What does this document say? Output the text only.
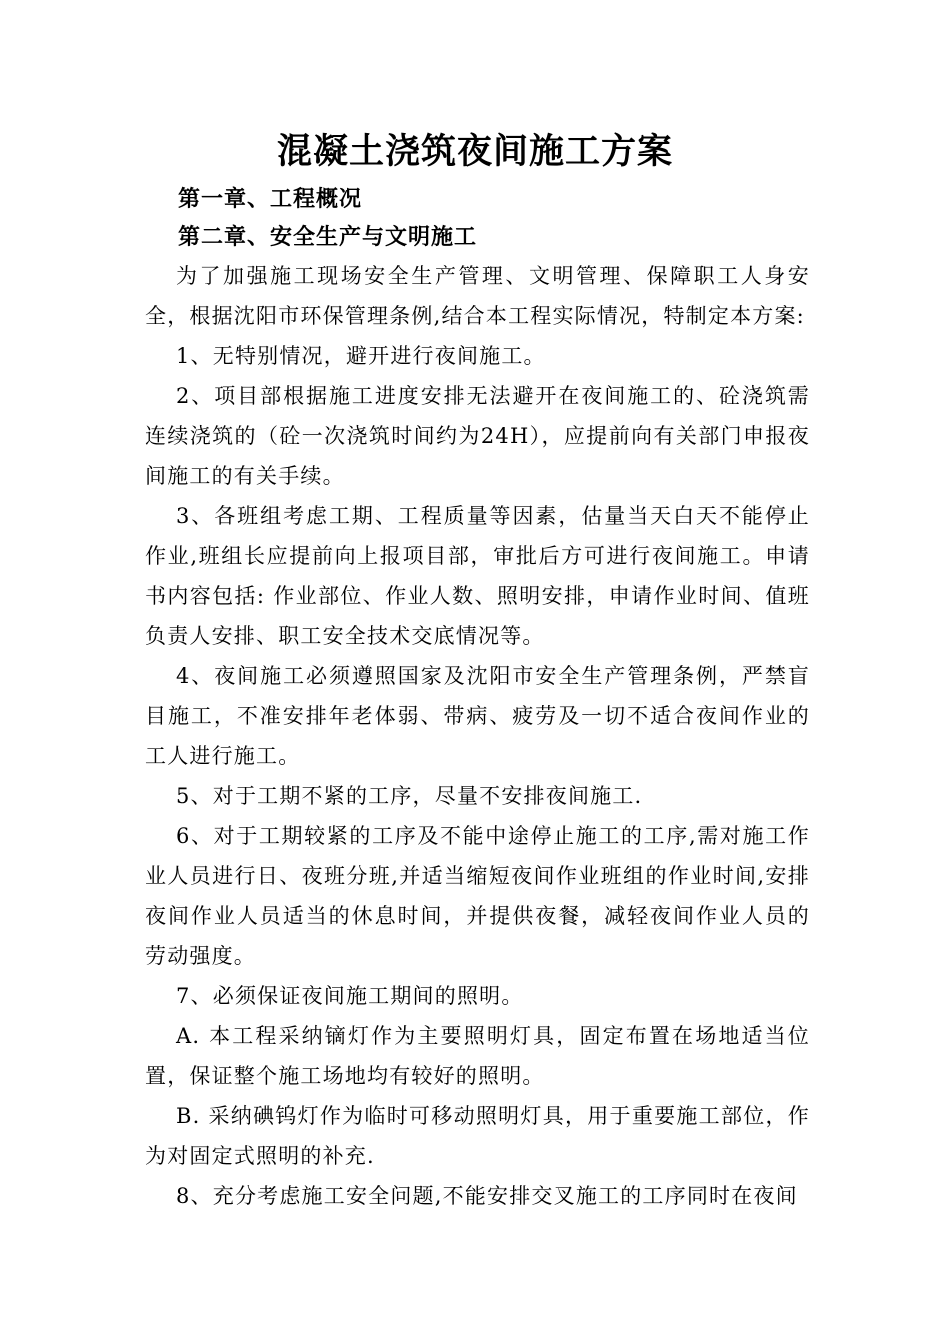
混凝土浇筑夜间施工方案
第一章、工程概况
第二章、安全生产与文明施工

为了加强施工现场安全生产管理、文明管理、保障职工人身安全，根据沈阳市环保管理条例,结合本工程实际情况，特制定本方案:

1、无特别情况，避开进行夜间施工。

2、项目部根据施工进度安排无法避开在夜间施工的、砼浇筑需连续浇筑的（砼一次浇筑时间约为24H），应提前向有关部门申报夜间施工的有关手续。

3、各班组考虑工期、工程质量等因素，估量当天白天不能停止作业,班组长应提前向上报项目部，审批后方可进行夜间施工。申请书内容包括: 作业部位、作业人数、照明安排，申请作业时间、值班负责人安排、职工安全技术交底情况等。

4、夜间施工必须遵照国家及沈阳市安全生产管理条例，严禁盲目施工，不准安排年老体弱、带病、疲劳及一切不适合夜间作业的工人进行施工。

5、对于工期不紧的工序，尽量不安排夜间施工.

6、对于工期较紧的工序及不能中途停止施工的工序,需对施工作业人员进行日、夜班分班,并适当缩短夜间作业班组的作业时间,安排夜间作业人员适当的休息时间，并提供夜餐，减轻夜间作业人员的劳动强度。

7、必须保证夜间施工期间的照明。

A. 本工程采纳镝灯作为主要照明灯具，固定布置在场地适当位置，保证整个施工场地均有较好的照明。

B. 采纳碘钨灯作为临时可移动照明灯具，用于重要施工部位，作为对固定式照明的补充.

8、充分考虑施工安全问题,不能安排交叉施工的工序同时在夜间
